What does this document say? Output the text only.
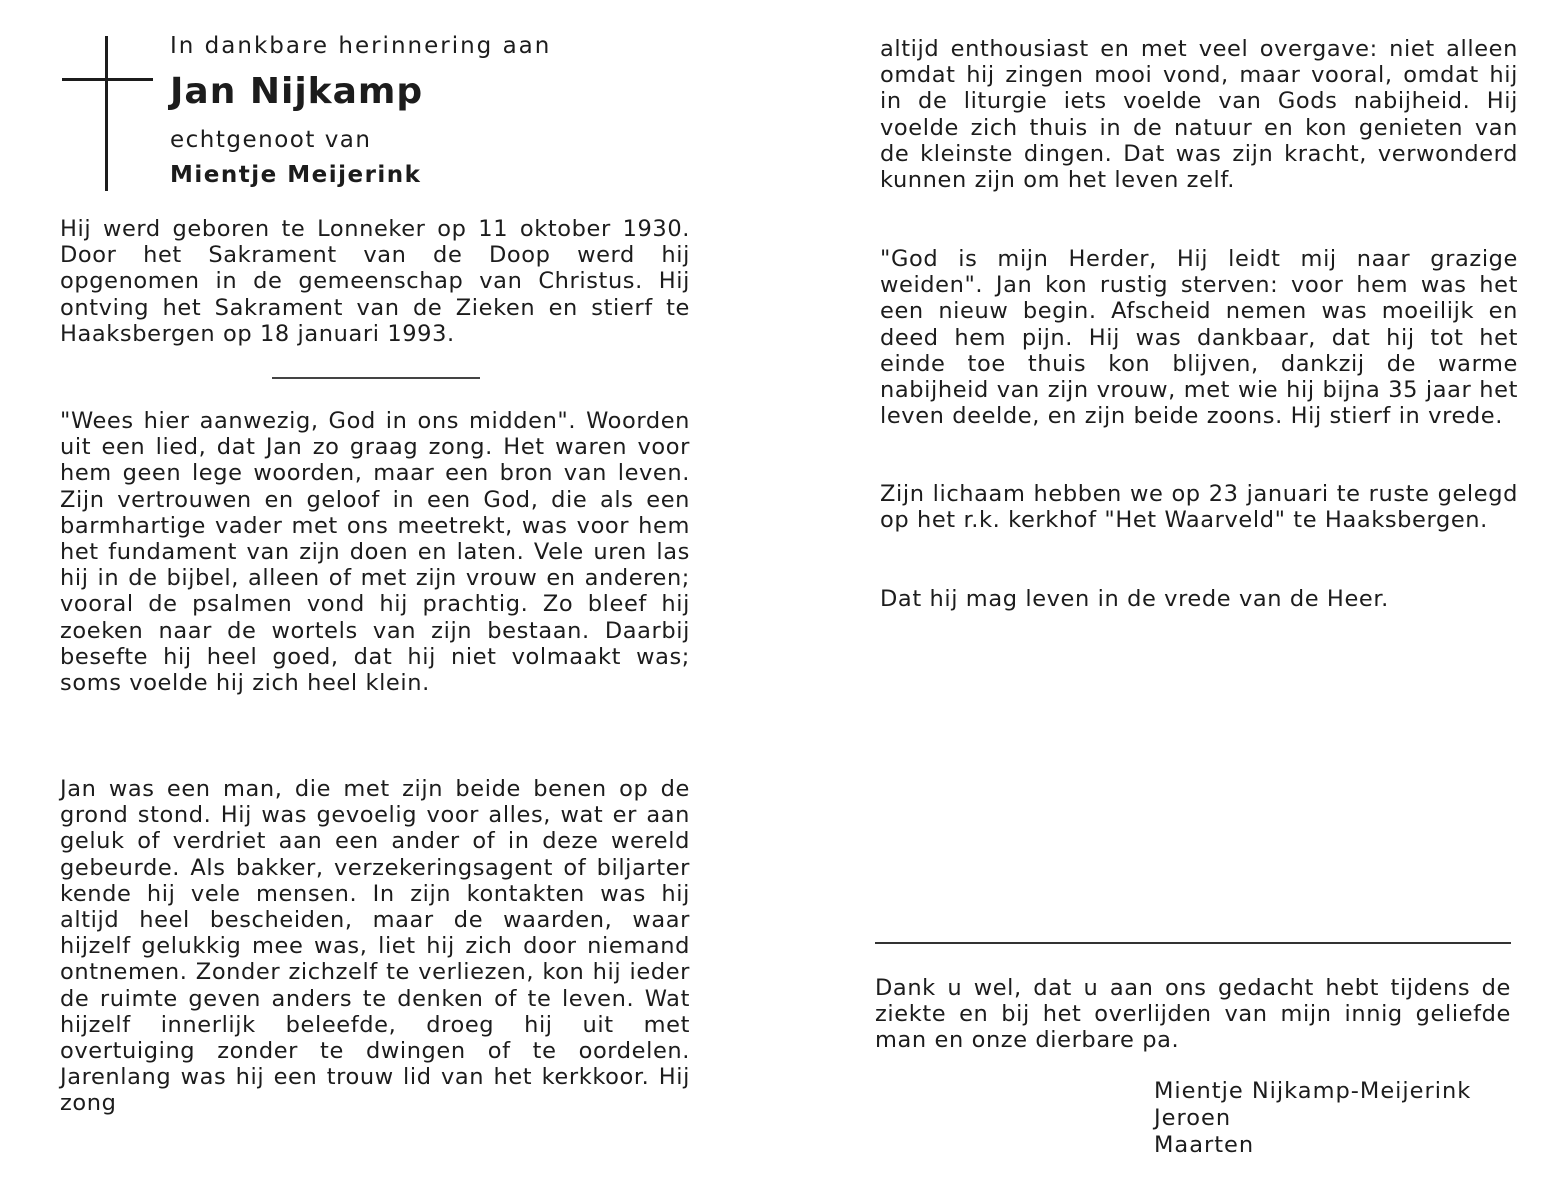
In dankbare herinnering aan
Jan Nijkamp
echtgenoot van
Mientje Meijerink

Hij werd geboren te Lonneker op 11 oktober 1930. Door het Sakrament van de Doop werd hij opgenomen in de gemeenschap van Christus. Hij ontving het Sakrament van de Zieken en stierf te Haaksbergen op 18 januari 1993.

"Wees hier aanwezig, God in ons midden". Woorden uit een lied, dat Jan zo graag zong. Het waren voor hem geen lege woorden, maar een bron van leven. Zijn vertrouwen en geloof in een God, die als een barmhartige vader met ons meetrekt, was voor hem het fundament van zijn doen en laten. Vele uren las hij in de bijbel, alleen of met zijn vrouw en anderen; vooral de psalmen vond hij prachtig. Zo bleef hij zoeken naar de wortels van zijn bestaan. Daarbij besefte hij heel goed, dat hij niet volmaakt was; soms voelde hij zich heel klein.

Jan was een man, die met zijn beide benen op de grond stond. Hij was gevoelig voor alles, wat er aan geluk of verdriet aan een ander of in deze wereld gebeurde. Als bakker, verzekeringsagent of biljarter kende hij vele mensen. In zijn kontakten was hij altijd heel bescheiden, maar de waarden, waar hijzelf gelukkig mee was, liet hij zich door niemand ontnemen. Zonder zichzelf te verliezen, kon hij ieder de ruimte geven anders te denken of te leven. Wat hijzelf innerlijk beleefde, droeg hij uit met overtuiging zonder te dwingen of te oordelen. Jarenlang was hij een trouw lid van het kerkkoor. Hij zong

altijd enthousiast en met veel overgave: niet alleen omdat hij zingen mooi vond, maar vooral, omdat hij in de liturgie iets voelde van Gods nabijheid. Hij voelde zich thuis in de natuur en kon genieten van de kleinste dingen. Dat was zijn kracht, verwonderd kunnen zijn om het leven zelf.

"God is mijn Herder, Hij leidt mij naar grazige weiden". Jan kon rustig sterven: voor hem was het een nieuw begin. Afscheid nemen was moeilijk en deed hem pijn. Hij was dankbaar, dat hij tot het einde toe thuis kon blijven, dankzij de warme nabijheid van zijn vrouw, met wie hij bijna 35 jaar het leven deelde, en zijn beide zoons. Hij stierf in vrede.

Zijn lichaam hebben we op 23 januari te ruste gelegd op het r.k. kerkhof "Het Waarveld" te Haaksbergen.

Dat hij mag leven in de vrede van de Heer.

Dank u wel, dat u aan ons gedacht hebt tijdens de ziekte en bij het overlijden van mijn innig geliefde man en onze dierbare pa.

Mientje Nijkamp-Meijerink
Jeroen
Maarten
